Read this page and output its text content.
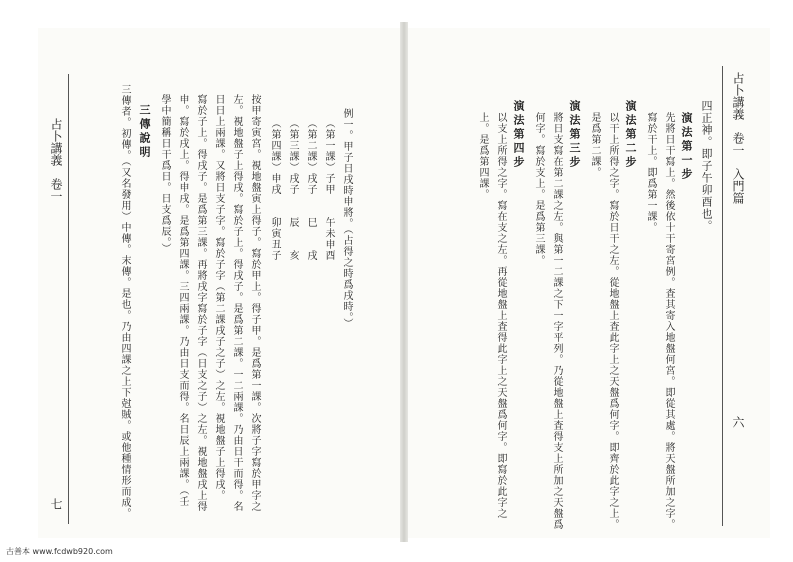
占卜講義　卷一　入門篇
六
四正神。即子午卯酉也。
演法第一步
先將日干寫上。然後依十干寄宮例。査其寄入地盤何宮。即從其處。將天盤所加之字。
寫於干上。即爲第一課。
演法第二步
以干上所得之字。寫於日干之左。從地盤上査此字上之天盤爲何字。即齊於此字之上。
是爲第二課。
演法第三步
將日支寫在第二課之左。與第一二課之下一字平列。乃從地盤上査得支上所加之天盤爲
何字。寫於支上。是爲第三課。
演法第四步
以支上所得之字。寫在支之左。再從地盤上査得此字上之天盤爲何字。即寫於此字之
上。是爲第四課。
占卜講義　卷一
七
例一。甲子日戌時申將。（占得之時爲戌時。）
（第一課）子甲　　午未申酉
（第二課）戌子　　巳　　戌
（第三課）戌子　　辰　　亥
（第四課）申戌　　卯寅丑子
按甲寄寅宮。視地盤寅上得子。寫於甲上。得子甲。是爲第一課。次將子字寫於甲字之
左。視地盤子上得戌。寫於子上。得戌子。是爲第二課。一二兩課。乃由日干而得。名
日日上兩課。又將日支子字。寫於子字（第二課戌子之子）之左。視地盤子上得戌。
寫於子上。得戌子。是爲第三課。再將戌字寫於子字（日支之子）之左。視地盤戌上得
申。寫於戌上。得申戌。是爲第四課。三四兩課。乃由日支而得。名日辰上兩課。（壬
學中簡稱日干爲日。日支爲辰。）
三傳說明
三傳者。初傳。（又名發用）中傳。末傳。是也。乃由四課之上下尅賊。或他種情形而成。
古善本 www.fcdwb920.com
